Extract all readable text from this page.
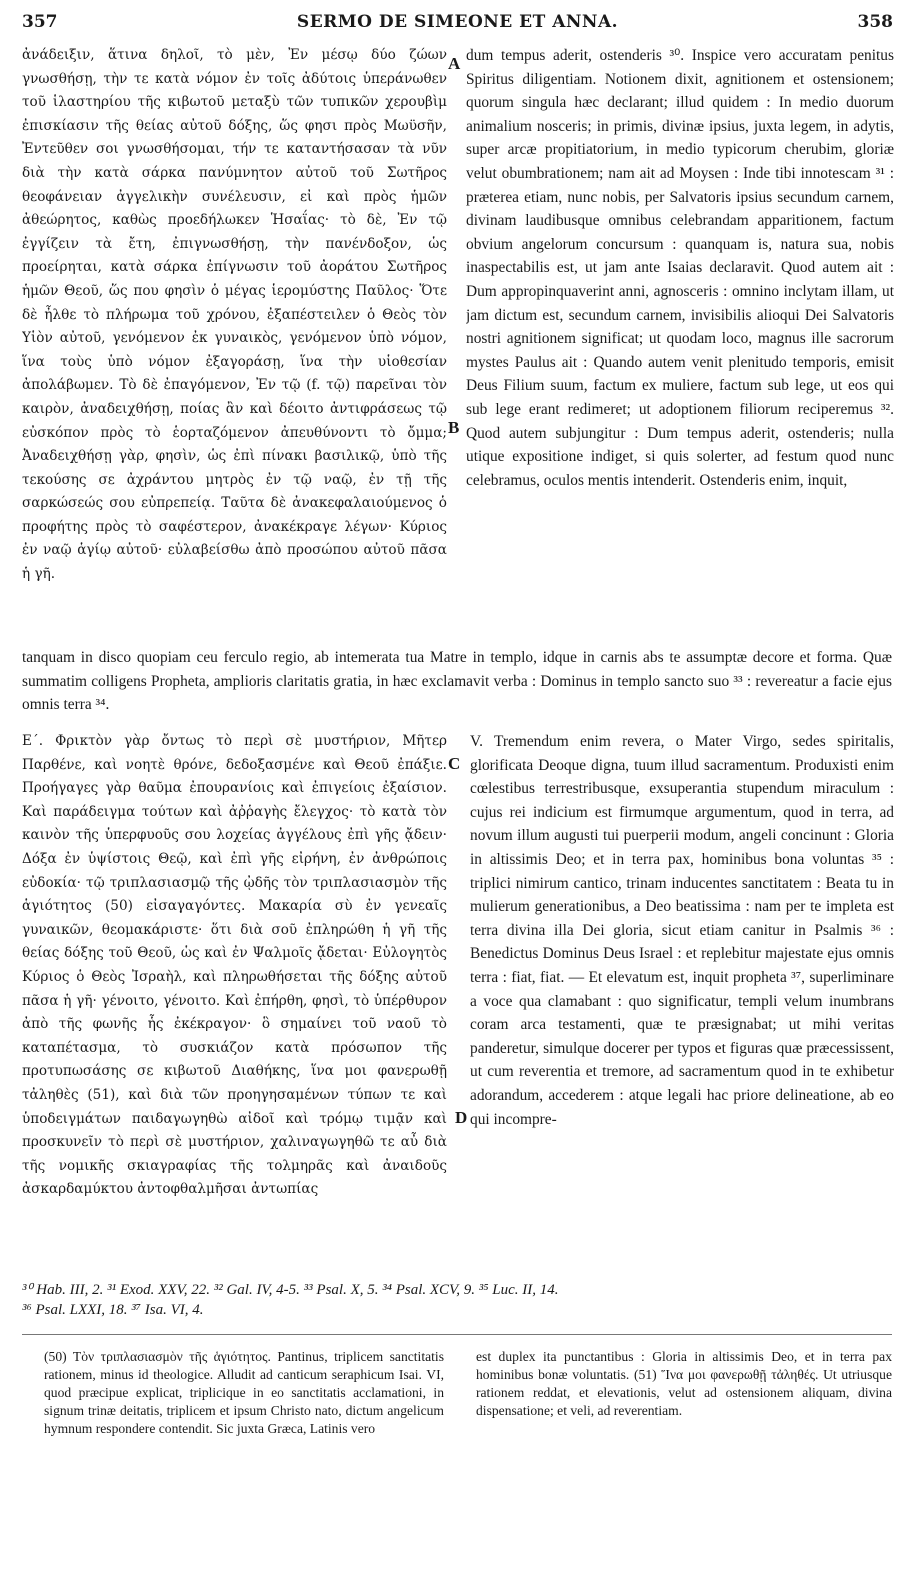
357	SERMO DE SIMEONE ET ANNA.	358

ἀνάδειξιν, ἅτινα δηλοῖ, τὸ μὲν, Ἐν μέσῳ δύο ζώων γνωσθήσῃ, τὴν τε κατὰ νόμον ἐν τοῖς ἀδύτοις ὑπεράνωθεν τοῦ ἱλαστηρίου τῆς κιβωτοῦ μεταξὺ τῶν τυπικῶν χερουβὶμ ἐπισκίασιν τῆς θείας αὐτοῦ δόξης, ὥς φησι πρὸς Μωϋσῆν, Ἐντεῦθεν σοι γνωσθήσομαι, τήν τε καταντήσασαν τὰ νῦν διὰ τὴν κατὰ σάρκα πανύμνητον αὐτοῦ τοῦ Σωτῆρος θεοφάνειαν ἀγγελικὴν συνέλευσιν, εἰ καὶ πρὸς ἡμῶν ἀθεώρητος, καθὼς προεδήλωκεν Ἡσαΐας· τὸ δὲ, Ἐν τῷ ἐγγίζειν τὰ ἔτη, ἐπιγνωσθήσῃ, τὴν πανένδοξον, ὡς προείρηται, κατὰ σάρκα ἐπίγνωσιν τοῦ ἀοράτου Σωτῆρος ἡμῶν Θεοῦ, ὥς που φησὶν ὁ μέγας ἱερομύστης Παῦλος· Ὅτε δὲ ἦλθε τὸ πλήρωμα τοῦ χρόνου, ἐξαπέστειλεν ὁ Θεὸς τὸν Υἱὸν αὐτοῦ, γενόμενον ἐκ γυναικὸς, γενόμενον ὑπὸ νόμον, ἵνα τοὺς ὑπὸ νόμον ἐξαγοράσῃ, ἵνα τὴν υἱοθεσίαν ἀπολάβωμεν. Τὸ δὲ ἐπαγόμενον, Ἐν τῷ (f. τῷ) παρεῖναι τὸν καιρὸν, ἀναδειχθήσῃ, ποίας ἂν καὶ δέοιτο ἀντιφράσεως τῷ εὐσκόπον πρὸς τὸ ἑορταζόμενον ἀπευθύνοντι τὸ ὄμμα; Ἀναδειχθήσῃ γὰρ, φησὶν, ὡς ἐπὶ πίνακι βασιλικῷ, ὑπὸ τῆς τεκούσης σε ἀχράντου μητρὸς ἐν τῷ ναῷ, ἐν τῇ τῆς σαρκώσεώς σου εὐπρεπείᾳ. Ταῦτα δὲ ἀνακεφαλαιούμενος ὁ προφήτης πρὸς τὸ σαφέστερον, ἀνακέκραγε λέγων· Κύριος ἐν ναῷ ἁγίῳ αὐτοῦ· εὐλαβείσθω ἀπὸ προσώπου αὐτοῦ πᾶσα ἡ γῆ.

A
B

dum tempus aderit, ostenderis ³⁰. Inspice vero accuratam penitus Spiritus diligentiam. Notionem dixit, agnitionem et ostensionem; quorum singula hæc declarant; illud quidem : In medio duorum animalium nosceris; in primis, divinæ ipsius, juxta legem, in adytis, super arcæ propitiatorium, in medio typicorum cherubim, gloriæ velut obumbrationem; nam ait ad Moysen : Inde tibi innotescam ³¹ : præterea etiam, nunc nobis, per Salvatoris ipsius secundum carnem, divinam laudibusque omnibus celebrandam apparitionem, factum obvium angelorum concursum : quanquam is, natura sua, nobis inaspectabilis est, ut jam ante Isaias declaravit. Quod autem ait : Dum appropinquaverint anni, agnosceris : omnino inclytam illam, ut jam dictum est, secundum carnem, invisibilis alioqui Dei Salvatoris nostri agnitionem significat; ut quodam loco, magnus ille sacrorum mystes Paulus ait : Quando autem venit plenitudo temporis, emisit Deus Filium suum, factum ex muliere, factum sub lege, ut eos qui sub lege erant redimeret; ut adoptionem filiorum reciperemus ³². Quod autem subjungitur : Dum tempus aderit, ostenderis; nulla utique expositione indiget, si quis solerter, ad festum quod nunc celebramus, oculos mentis intenderit. Ostenderis enim, inquit,

tanquam in disco quopiam ceu ferculo regio, ab intemerata tua Matre in templo, idque in carnis abs te assumptæ decore et forma. Quæ summatim colligens Propheta, amplioris claritatis gratia, in hæc exclamavit verba : Dominus in templo sancto suo ³³ : revereatur a facie ejus omnis terra ³⁴.

Ε΄. Φρικτὸν γὰρ ὄντως τὸ περὶ σὲ μυστήριον, Μῆτερ Παρθένε, καὶ νοητὲ θρόνε, δεδοξασμένε καὶ Θεοῦ ἐπάξιε. Προήγαγες γὰρ θαῦμα ἐπουρανίοις καὶ ἐπιγείοις ἐξαίσιον. Καὶ παράδειγμα τούτων καὶ ἀῤῥαγὴς ἔλεγχος· τὸ κατὰ τὸν καινὸν τῆς ὑπερφυοῦς σου λοχείας ἀγγέλους ἐπὶ γῆς ᾄδειν· Δόξα ἐν ὑψίστοις Θεῷ, καὶ ἐπὶ γῆς εἰρήνη, ἐν ἀνθρώποις εὐδοκία· τῷ τριπλασιασμῷ τῆς ᾠδῆς τὸν τριπλασιασμὸν τῆς ἁγιότητος (50) εἰσαγαγόντες. Μακαρία σὺ ἐν γενεαῖς γυναικῶν, θεομακάριστε· ὅτι διὰ σοῦ ἐπληρώθη ἡ γῆ τῆς θείας δόξης τοῦ Θεοῦ, ὡς καὶ ἐν Ψαλμοῖς ᾄδεται· Εὐλογητὸς Κύριος ὁ Θεὸς Ἰσραὴλ, καὶ πληρωθήσεται τῆς δόξης αὐτοῦ πᾶσα ἡ γῆ· γένοιτο, γένοιτο. Καὶ ἐπήρθη, φησὶ, τὸ ὑπέρθυρον ἀπὸ τῆς φωνῆς ἧς ἐκέκραγον· ὃ σημαίνει τοῦ ναοῦ τὸ καταπέτασμα, τὸ συσκιάζον κατὰ πρόσωπον τῆς προτυπωσάσης σε κιβωτοῦ Διαθήκης, ἵνα μοι φανερωθῇ τἀληθὲς (51), καὶ διὰ τῶν προηγησαμένων τύπων τε καὶ ὑποδειγμάτων παιδαγωγηθὼ αἰδοῖ καὶ τρόμῳ τιμᾷν καὶ προσκυνεῖν τὸ περὶ σὲ μυστήριον, χαλιναγωγηθῶ τε αὖ διὰ τῆς νομικῆς σκιαγραφίας τῆς τολμηρᾶς καὶ ἀναιδοῦς ἀσκαρδαμύκτου ἀντοφθαλμῆσαι ἀντωπίας

C
D

V. Tremendum enim revera, o Mater Virgo, sedes spiritalis, glorificata Deoque digna, tuum illud sacramentum. Produxisti enim cœlestibus terrestribusque, exsuperantia stupendum miraculum : cujus rei indicium est firmumque argumentum, quod in terra, ad novum illum augusti tui puerperii modum, angeli concinunt : Gloria in altissimis Deo; et in terra pax, hominibus bona voluntas ³⁵ : triplici nimirum cantico, trinam inducentes sanctitatem : Beata tu in mulierum generationibus, a Deo beatissima : nam per te impleta est terra divina illa Dei gloria, sicut etiam canitur in Psalmis ³⁶ : Benedictus Dominus Deus Israel : et replebitur majestate ejus omnis terra : fiat, fiat. — Et elevatum est, inquit propheta ³⁷, superliminare a voce qua clamabant : quo significatur, templi velum inumbrans coram arca testamenti, quæ te præsignabat; ut mihi veritas panderetur, simulque docerer per typos et figuras quæ præcessissent, ut cum reverentia et tremore, ad sacramentum quod in te exhibetur adorandum, accederem : atque legali hac priore delineatione, ab eo qui incompre-

³⁰ Hab. III, 2. ³¹ Exod. XXV, 22. ³² Gal. IV, 4-5. ³³ Psal. X, 5. ³⁴ Psal. XCV, 9. ³⁵ Luc. II, 14.
³⁶ Psal. LXXI, 18. ³⁷ Isa. VI, 4.

(50) Τὸν τριπλασιασμὸν τῆς ἁγιότητος. Pantinus, triplicem sanctitatis rationem, minus id theologice. Alludit ad canticum seraphicum Isai. VI, quod præcipue explicat, triplicique in eo sanctitatis acclamationi, in signum trinæ deitatis, triplicem et ipsum Christo nato, dictum angelicum hymnum respondere contendit. Sic juxta Græca, Latinis vero

est duplex ita punctantibus : Gloria in altissimis Deo, et in terra pax hominibus bonæ voluntatis. (51) Ἵνα μοι φανερωθῇ τἀληθές. Ut utriusque rationem reddat, et elevationis, velut ad ostensionem aliquam, divina dispensatione; et veli, ad reverentiam.
